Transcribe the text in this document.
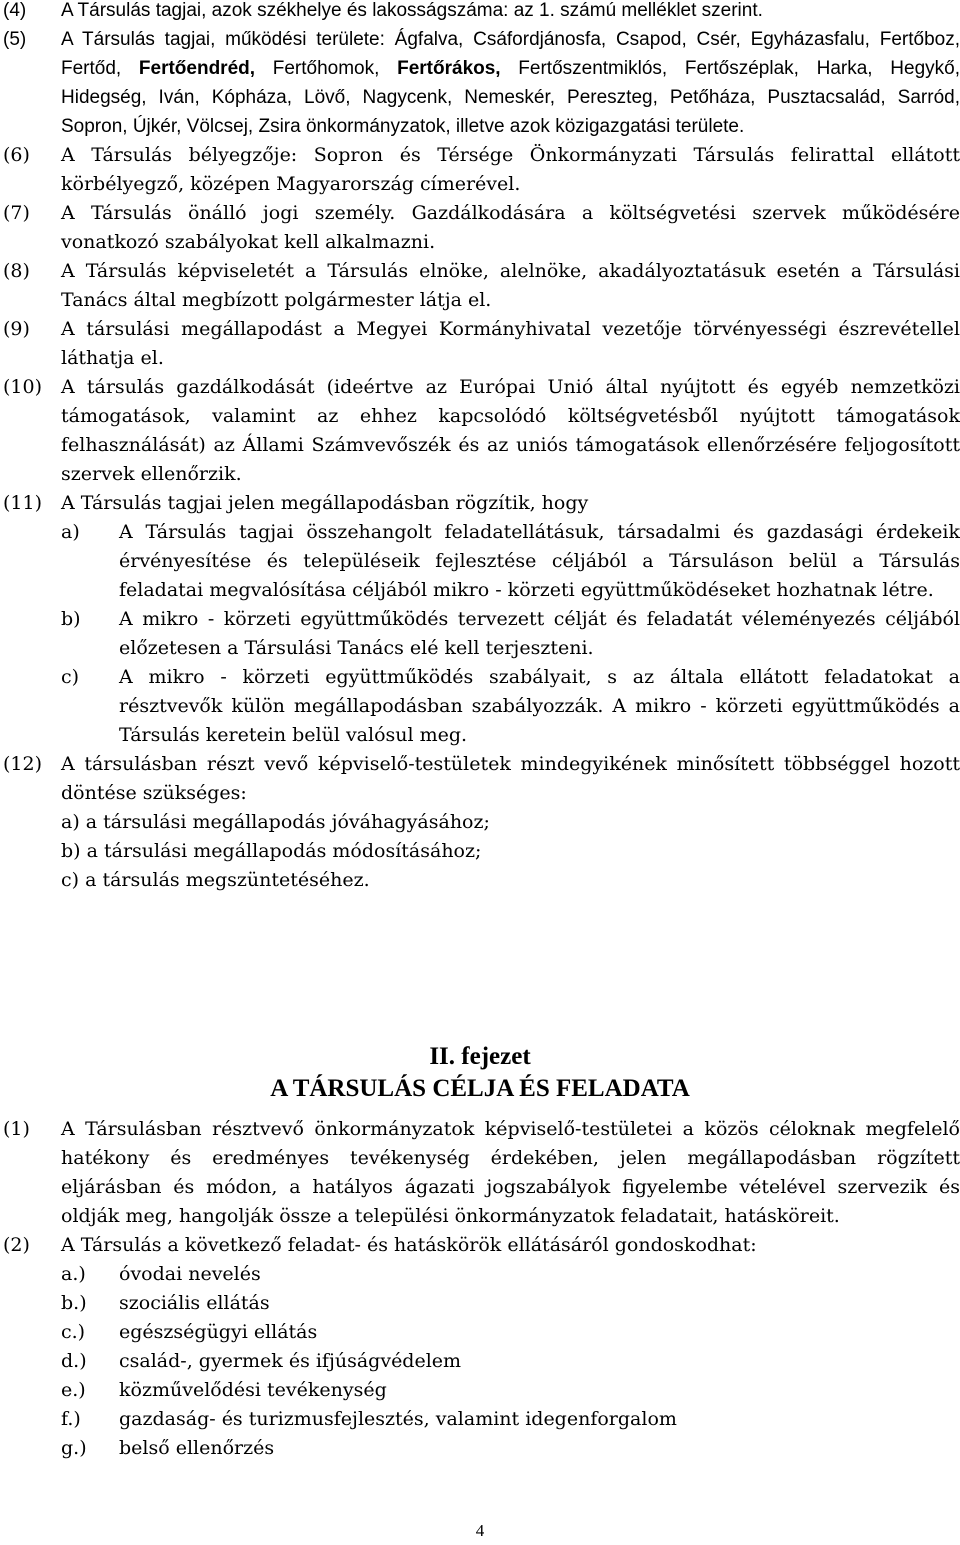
(4) A Társulás tagjai, azok székhelye és lakosságszáma: az 1. számú melléklet szerint.
(5) A Társulás tagjai, működési területe: Ágfalva, Csáfordjánosfa, Csapod, Csér, Egyházasfalu, Fertőboz, Fertőd, Fertőendréd, Fertőhomok, Fertőrákos, Fertőszentmiklós, Fertőszéplak, Harka, Hegykő, Hidegség, Iván, Kópháza, Lövő, Nagycenk, Nemeskér, Pereszteg, Petőháza, Pusztacsalád, Sarród, Sopron, Újkér, Völcsej, Zsira önkormányzatok, illetve azok közigazgatási területe.
(6) A Társulás bélyegzője: Sopron és Térsége Önkormányzati Társulás felirattal ellátott körbélyegző, középen Magyarország címerével.
(7) A Társulás önálló jogi személy. Gazdálkodására a költségvetési szervek működésére vonatkozó szabályokat kell alkalmazni.
(8) A Társulás képviseletét a Társulás elnöke, alelnöke, akadályoztatásuk esetén a Társulási Tanács által megbízott polgármester látja el.
(9) A társulási megállapodást a Megyei Kormányhivatal vezetője törvényességi észrevétellel láthatja el.
(10) A társulás gazdálkodását (ideértve az Európai Unió által nyújtott és egyéb nemzetközi támogatások, valamint az ehhez kapcsolódó költségvetésből nyújtott támogatások felhasználását) az Állami Számvevőszék és az uniós támogatások ellenőrzésére feljogosított szervek ellenőrzik.
(11) A Társulás tagjai jelen megállapodásban rögzítik, hogy
a) A Társulás tagjai összehangolt feladatellátásuk, társadalmi és gazdasági érdekeik érvényesítése és településeik fejlesztése céljából a Társuláson belül a Társulás feladatai megvalósítása céljából mikro - körzeti együttműködéseket hozhatnak létre.
b) A mikro - körzeti együttműködés tervezett célját és feladatát véleményezés céljából előzetesen a Társulási Tanács elé kell terjeszteni.
c) A mikro - körzeti együttműködés szabályait, s az általa ellátott feladatokat a résztvevők külön megállapodásban szabályozzák. A mikro - körzeti együttműködés a Társulás keretein belül valósul meg.
(12) A társulásban részt vevő képviselő-testületek mindegyikének minősített többséggel hozott döntése szükséges:
a) a társulási megállapodás jóváhagyásához;
b) a társulási megállapodás módosításához;
c) a társulás megszüntetéséhez.
II. fejezet
A TÁRSULÁS CÉLJA ÉS FELADATA
(1) A Társulásban résztvevő önkormányzatok képviselő-testületei a közös céloknak megfelelő hatékony és eredményes tevékenység érdekében, jelen megállapodásban rögzített eljárásban és módon, a hatályos ágazati jogszabályok figyelembe vételével szervezik és oldják meg, hangolják össze a települési önkormányzatok feladatait, hatásköreit.
(2) A Társulás a következő feladat- és hatáskörök ellátásáról gondoskodhat:
a.) óvodai nevelés
b.) szociális ellátás
c.) egészségügyi ellátás
d.) család-, gyermek és ifjúságvédelem
e.) közművelődési tevékenység
f.) gazdaság- és turizmusfejlesztés, valamint idegenforgalom
g.) belső ellenőrzés
4
